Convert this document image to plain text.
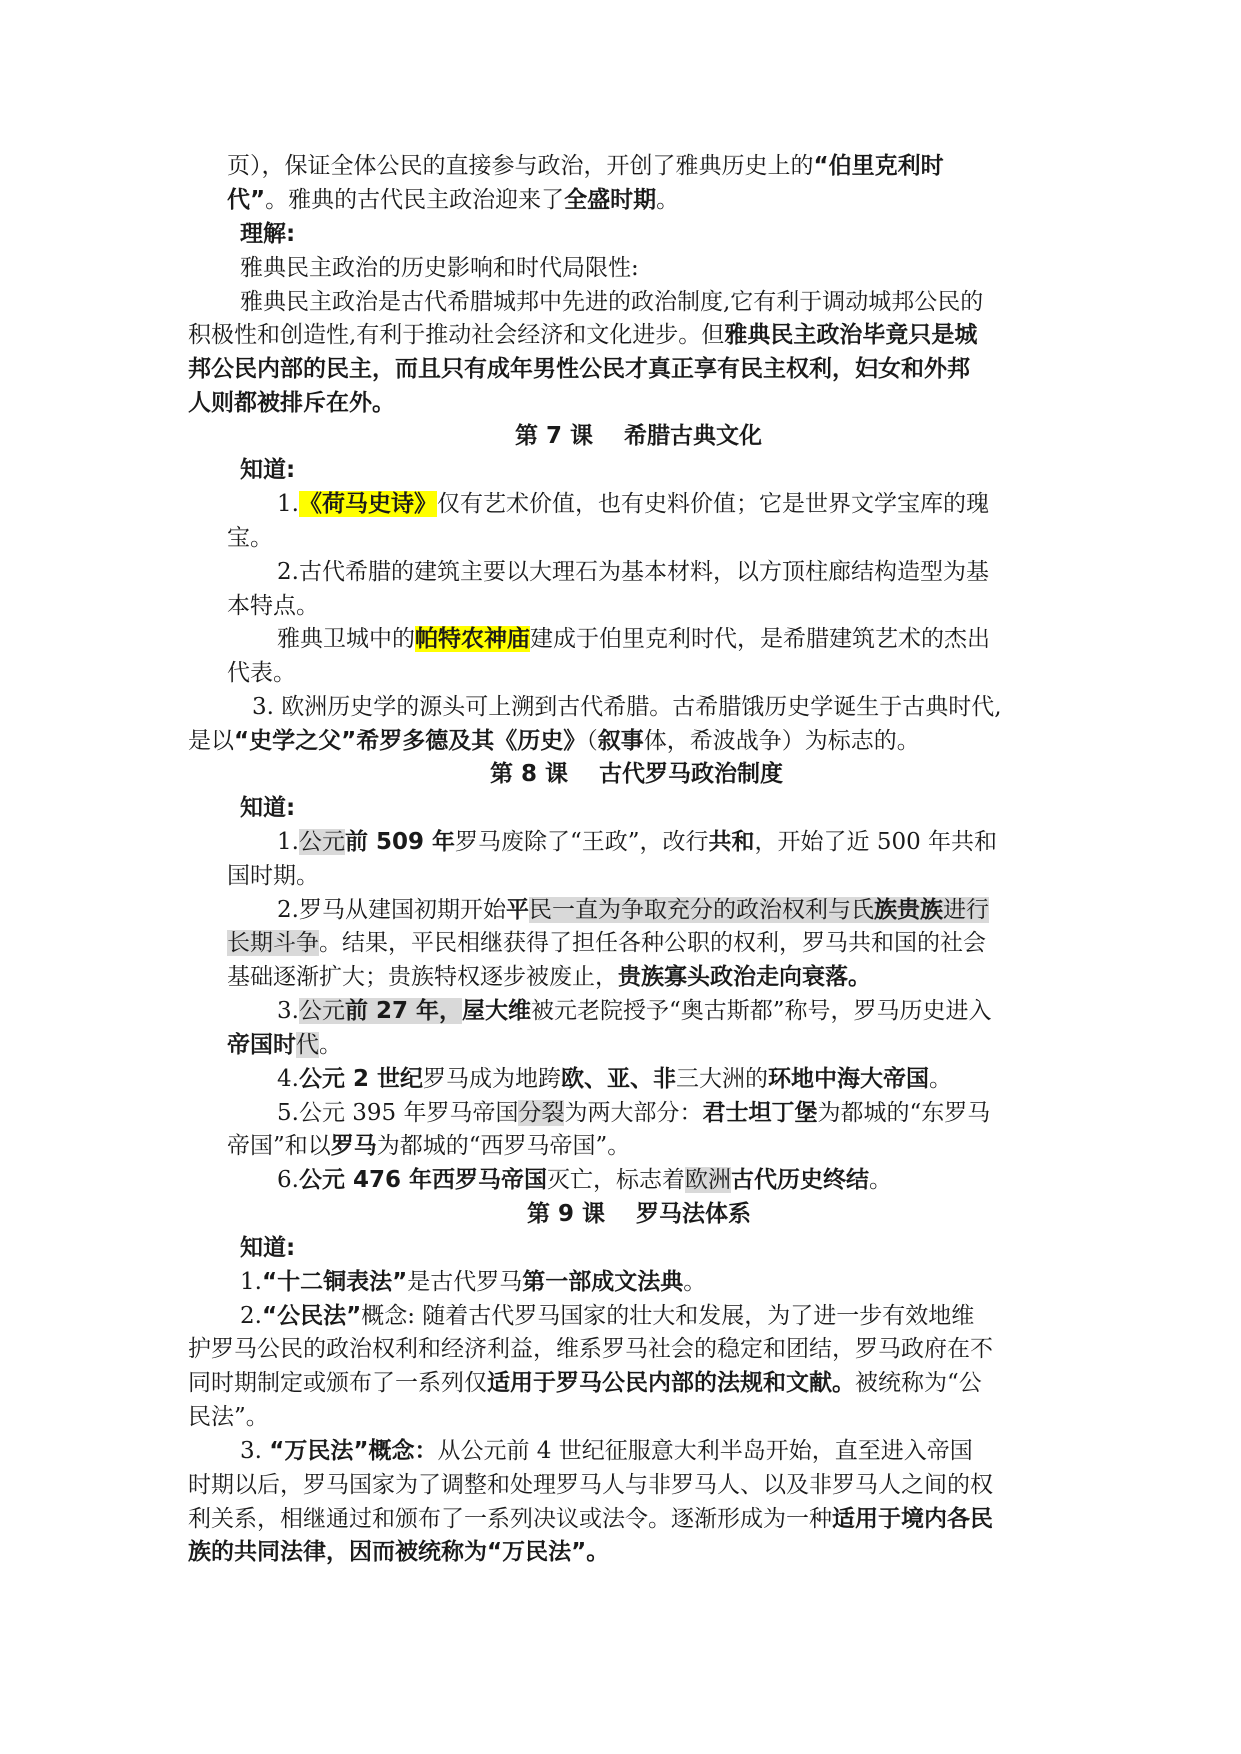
页），保证全体公民的直接参与政治，开创了雅典历史上的“伯里克利时
代”。雅典的古代民主政治迎来了全盛时期。
理解:
雅典民主政治的历史影响和时代局限性:
雅典民主政治是古代希腊城邦中先进的政治制度,它有利于调动城邦公民的
积极性和创造性,有利于推动社会经济和文化进步。但雅典民主政治毕竟只是城
邦公民内部的民主，而且只有成年男性公民才真正享有民主权利，妇女和外邦
人则都被排斥在外。
第 7 课　 希腊古典文化
知道:
1.《荷马史诗》仅有艺术价值，也有史料价值；它是世界文学宝库的瑰
宝。
2.古代希腊的建筑主要以大理石为基本材料，以方顶柱廊结构造型为基
本特点。
雅典卫城中的帕特农神庙建成于伯里克利时代，是希腊建筑艺术的杰出
代表。
3. 欧洲历史学的源头可上溯到古代希腊。古希腊饿历史学诞生于古典时代,
是以“史学之父”希罗多德及其《历史》（叙事体，希波战争）为标志的。
第 8 课　 古代罗马政治制度
知道:
1.公元前 509 年罗马废除了“王政”，改行共和，开始了近 500 年共和
国时期。
2.罗马从建国初期开始平民一直为争取充分的政治权利与氏族贵族进行
长期斗争。结果，平民相继获得了担任各种公职的权利，罗马共和国的社会
基础逐渐扩大；贵族特权逐步被废止，贵族寡头政治走向衰落。
3.公元前 27 年，屋大维被元老院授予“奥古斯都”称号，罗马历史进入
帝国时代。
4.公元 2 世纪罗马成为地跨欧、亚、非三大洲的环地中海大帝国。
5.公元 395 年罗马帝国分裂为两大部分：君士坦丁堡为都城的“东罗马
帝国”和以罗马为都城的“西罗马帝国”。
6.公元 476 年西罗马帝国灭亡，标志着欧洲古代历史终结。
第 9 课　 罗马法体系
知道:
1.“十二铜表法”是古代罗马第一部成文法典。
2.“公民法”概念: 随着古代罗马国家的壮大和发展，为了进一步有效地维
护罗马公民的政治权利和经济利益，维系罗马社会的稳定和团结，罗马政府在不
同时期制定或颁布了一系列仅适用于罗马公民内部的法规和文献。被统称为“公
民法”。
3. “万民法”概念：从公元前 4 世纪征服意大利半岛开始，直至进入帝国
时期以后，罗马国家为了调整和处理罗马人与非罗马人、以及非罗马人之间的权
利关系，相继通过和颁布了一系列决议或法令。逐渐形成为一种适用于境内各民
族的共同法律，因而被统称为“万民法”。
